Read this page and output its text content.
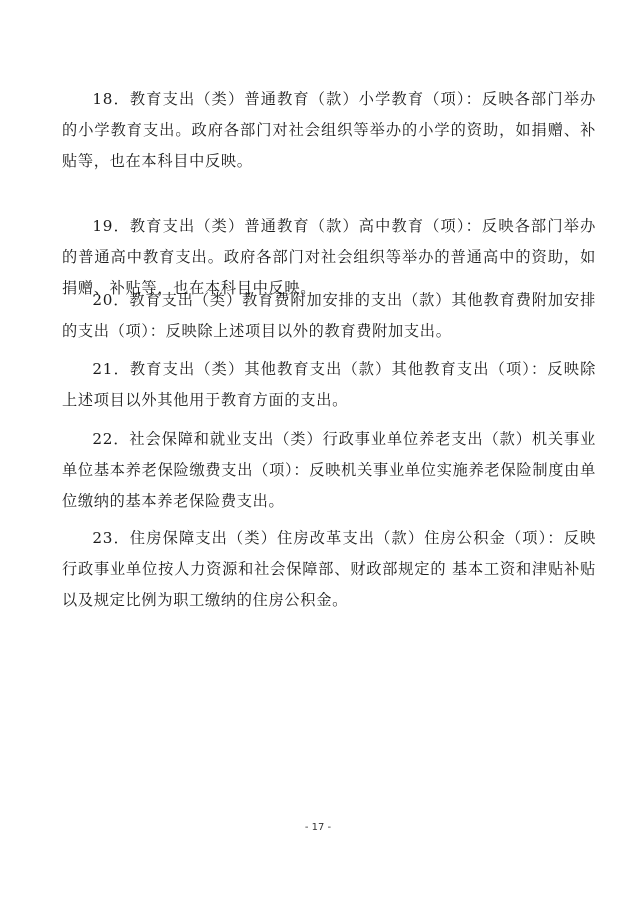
18．教育支出（类）普通教育（款）小学教育（项）：反映各部门举办的小学教育支出。政府各部门对社会组织等举办的小学的资助，如捐赠、补贴等，也在本科目中反映。

19．教育支出（类）普通教育（款）高中教育（项）：反映各部门举办的普通高中教育支出。政府各部门对社会组织等举办的普通高中的资助，如捐赠、补贴等，也在本科目中反映。

20．教育支出（类）教育费附加安排的支出（款）其他教育费附加安排的支出（项）：反映除上述项目以外的教育费附加支出。

21．教育支出（类）其他教育支出（款）其他教育支出（项）：反映除上述项目以外其他用于教育方面的支出。

22．社会保障和就业支出（类）行政事业单位养老支出（款）机关事业单位基本养老保险缴费支出（项）：反映机关事业单位实施养老保险制度由单位缴纳的基本养老保险费支出。

23．住房保障支出（类）住房改革支出（款）住房公积金（项）：反映行政事业单位按人力资源和社会保障部、财政部规定的 基本工资和津贴补贴以及规定比例为职工缴纳的住房公积金。

- 17 -
